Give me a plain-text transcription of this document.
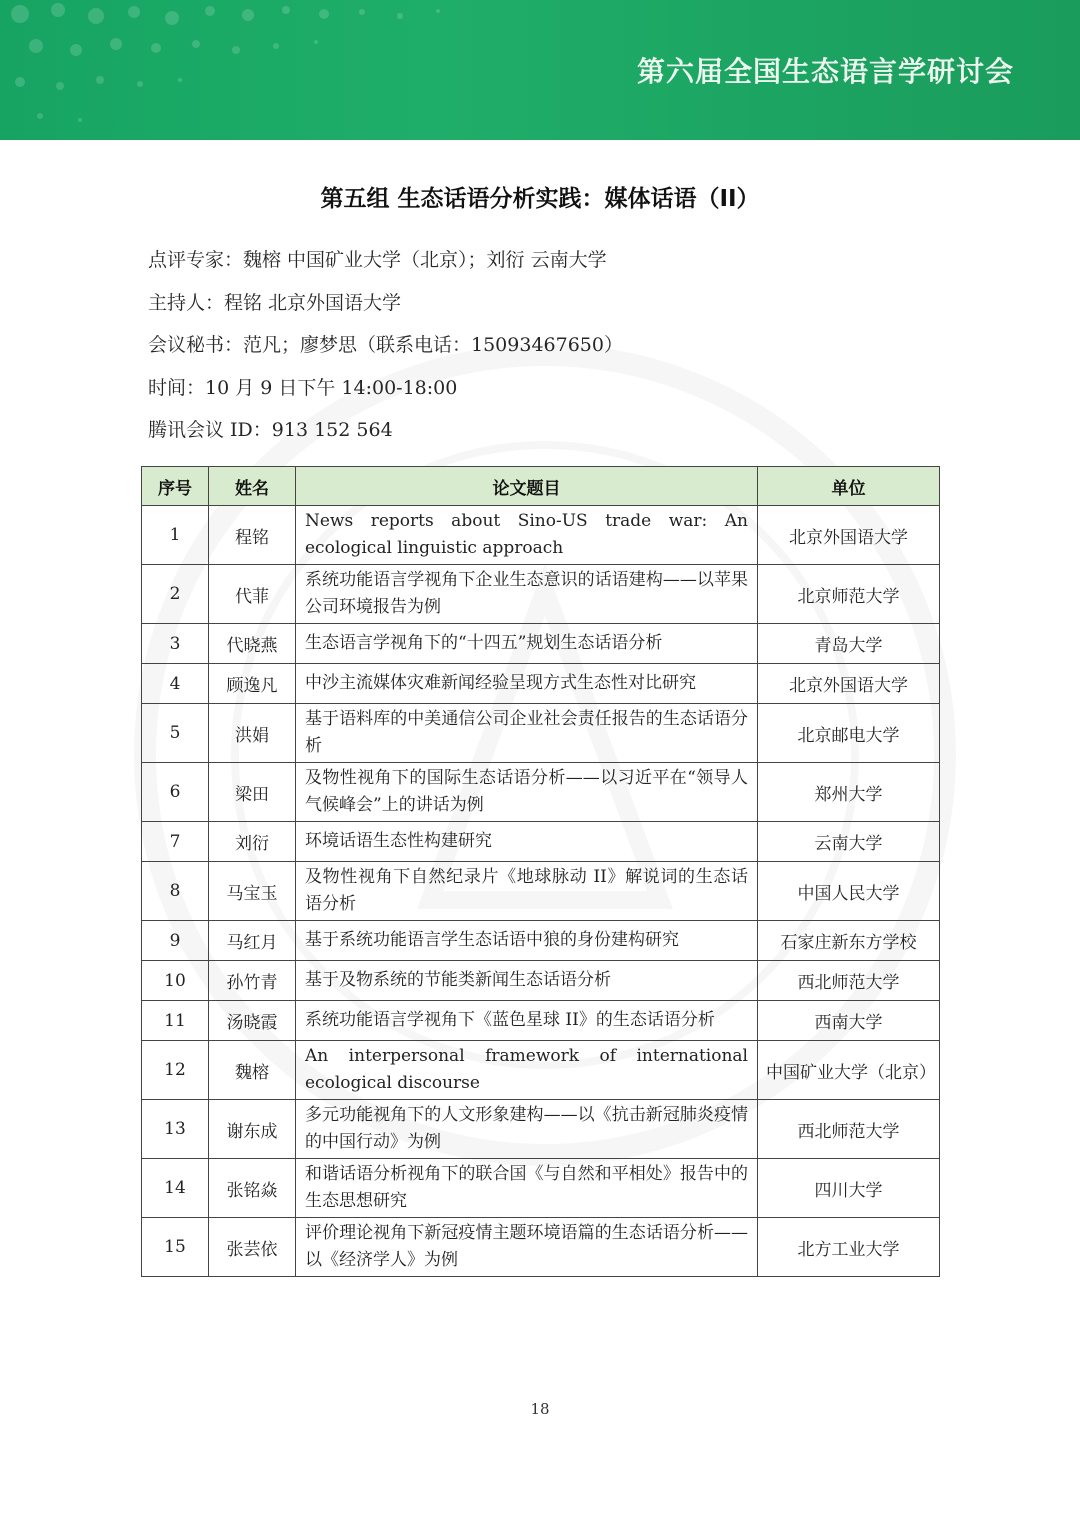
第六届全国生态语言学研讨会
第五组 生态话语分析实践：媒体话语（II）
点评专家：魏榕 中国矿业大学（北京）；刘衍 云南大学
主持人：程铭 北京外国语大学
会议秘书：范凡；廖梦思（联系电话：15093467650）
时间：10 月 9 日下午 14:00-18:00
腾讯会议 ID：913 152 564
序号	姓名	论文题目	单位
1	程铭	News reports about Sino-US trade war: An ecological linguistic approach	北京外国语大学
2	代菲	系统功能语言学视角下企业生态意识的话语建构——以苹果公司环境报告为例	北京师范大学
3	代晓燕	生态语言学视角下的“十四五”规划生态话语分析	青岛大学
4	顾逸凡	中沙主流媒体灾难新闻经验呈现方式生态性对比研究	北京外国语大学
5	洪娟	基于语料库的中美通信公司企业社会责任报告的生态话语分析	北京邮电大学
6	梁田	及物性视角下的国际生态话语分析——以习近平在“领导人气候峰会”上的讲话为例	郑州大学
7	刘衍	环境话语生态性构建研究	云南大学
8	马宝玉	及物性视角下自然纪录片《地球脉动 II》解说词的生态话语分析	中国人民大学
9	马红月	基于系统功能语言学生态话语中狼的身份建构研究	石家庄新东方学校
10	孙竹青	基于及物系统的节能类新闻生态话语分析	西北师范大学
11	汤晓霞	系统功能语言学视角下《蓝色星球 II》的生态话语分析	西南大学
12	魏榕	An interpersonal framework of international ecological discourse	中国矿业大学（北京）
13	谢东成	多元功能视角下的人文形象建构——以《抗击新冠肺炎疫情的中国行动》为例	西北师范大学
14	张铭焱	和谐话语分析视角下的联合国《与自然和平相处》报告中的生态思想研究	四川大学
15	张芸依	评价理论视角下新冠疫情主题环境语篇的生态话语分析——以《经济学人》为例	北方工业大学
18
